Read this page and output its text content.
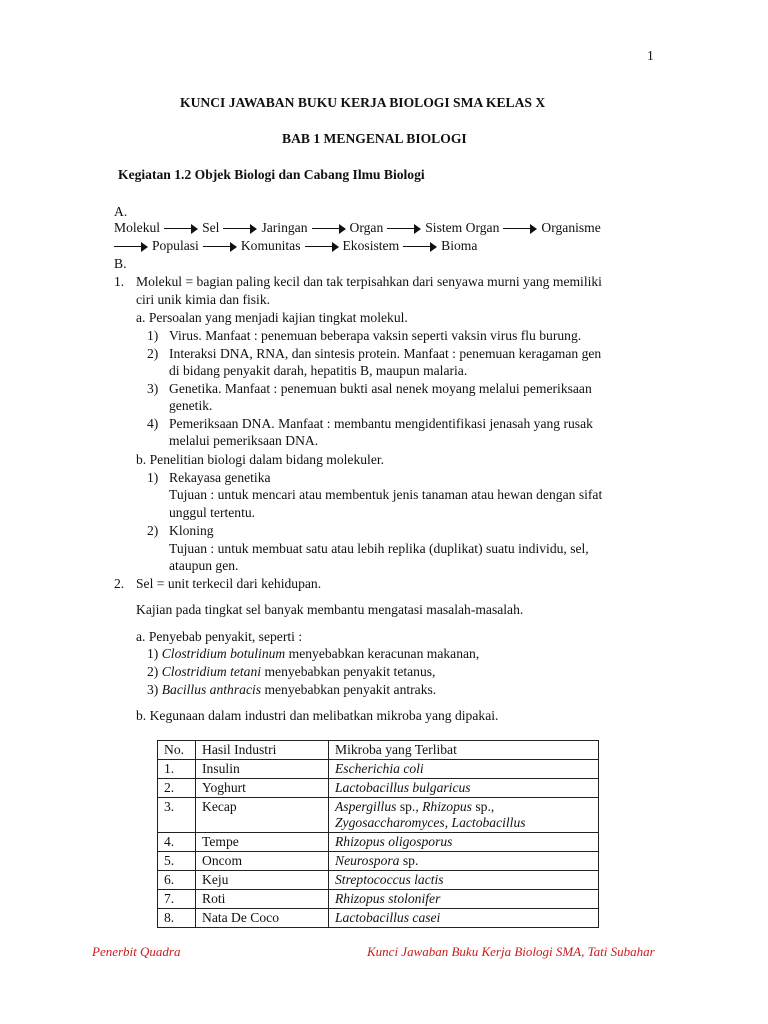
1
KUNCI JAWABAN BUKU KERJA BIOLOGI SMA KELAS X
BAB 1 MENGENAL BIOLOGI
Kegiatan 1.2 Objek Biologi dan Cabang Ilmu Biologi
A.
Molekul	Sel	Jaringan	Organ	Sistem Organ	Organisme
Populasi	Komunitas	Ekosistem	Bioma
B.
1. Molekul = bagian paling kecil dan tak terpisahkan dari senyawa murni yang memiliki
ciri unik kimia dan fisik.
a. Persoalan yang menjadi kajian tingkat molekul.
1) Virus. Manfaat : penemuan beberapa vaksin seperti vaksin virus flu burung.
2) Interaksi DNA, RNA, dan sintesis protein. Manfaat : penemuan keragaman gen
di bidang penyakit darah, hepatitis B, maupun malaria.
3) Genetika. Manfaat : penemuan bukti asal nenek moyang melalui pemeriksaan
genetik.
4) Pemeriksaan DNA. Manfaat : membantu mengidentifikasi jenasah yang rusak
melalui pemeriksaan DNA.
b. Penelitian biologi dalam bidang molekuler.
1) Rekayasa genetika
Tujuan : untuk mencari atau membentuk jenis tanaman atau hewan dengan sifat
unggul tertentu.
2) Kloning
Tujuan : untuk membuat satu atau lebih replika (duplikat) suatu individu, sel,
ataupun gen.
2. Sel = unit terkecil dari kehidupan.
Kajian pada tingkat sel banyak membantu mengatasi masalah-masalah.
a. Penyebab penyakit, seperti :
1) Clostridium botulinum menyebabkan keracunan makanan,
2) Clostridium tetani menyebabkan penyakit tetanus,
3) Bacillus anthracis menyebabkan penyakit antraks.
b. Kegunaan dalam industri dan melibatkan mikroba yang dipakai.
No.	Hasil Industri	Mikroba yang Terlibat
1.	Insulin	Escherichia coli
2.	Yoghurt	Lactobacillus bulgaricus
3.	Kecap	Aspergillus sp., Rhizopus sp.,
Zygosaccharomyces, Lactobacillus
4.	Tempe	Rhizopus oligosporus
5.	Oncom	Neurospora sp.
6.	Keju	Streptococcus lactis
7.	Roti	Rhizopus stolonifer
8.	Nata De Coco	Lactobacillus casei
Penerbit Quadra	Kunci Jawaban Buku Kerja Biologi SMA, Tati Subahar
